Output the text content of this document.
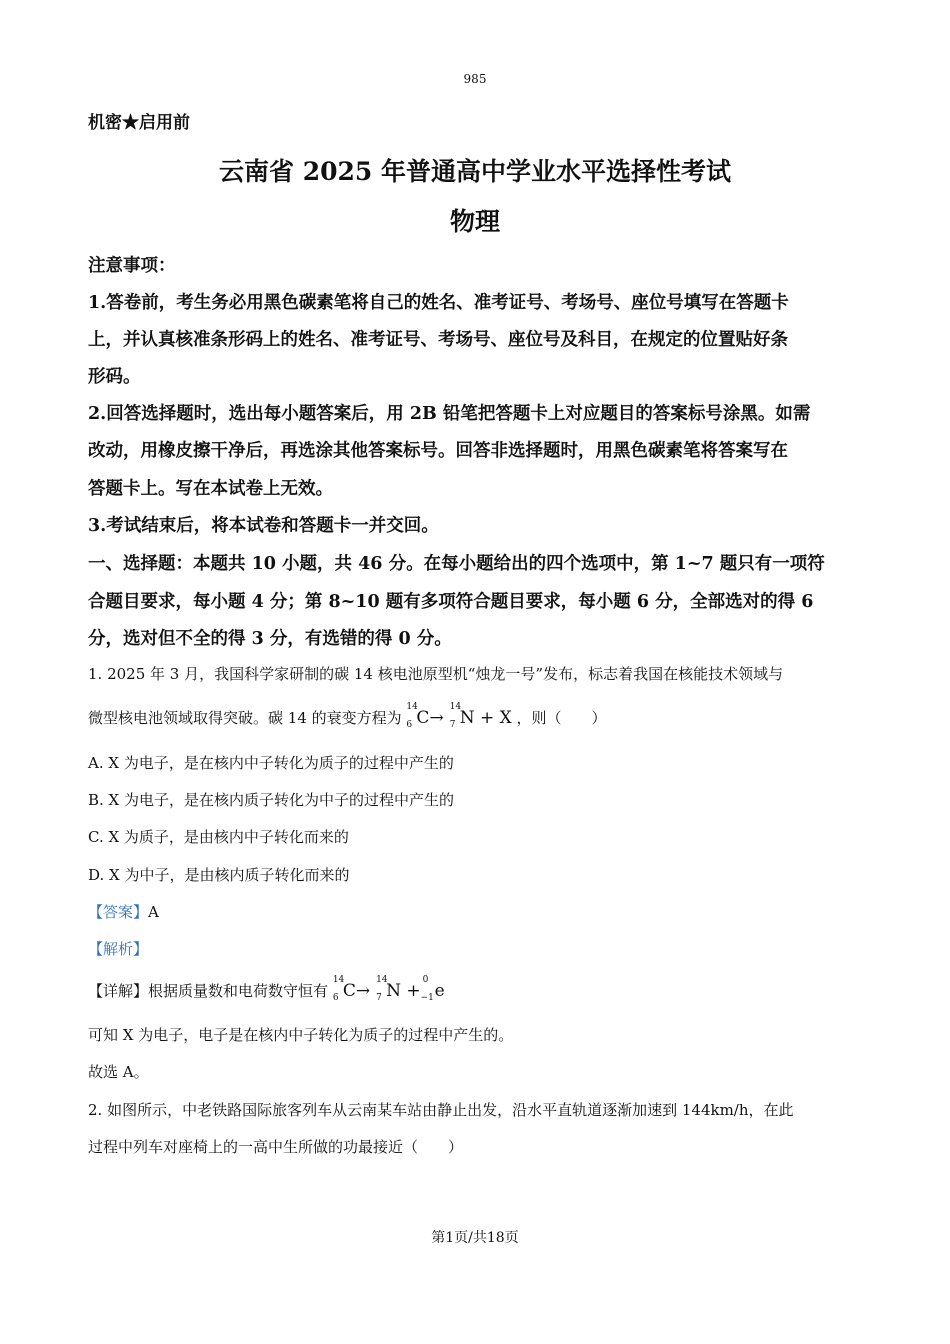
985
机密★启用前
云南省 2025 年普通高中学业水平选择性考试
物理
注意事项：
1.答卷前，考生务必用黑色碳素笔将自己的姓名、准考证号、考场号、座位号填写在答题卡
上，并认真核准条形码上的姓名、准考证号、考场号、座位号及科目，在规定的位置贴好条
形码。
2.回答选择题时，选出每小题答案后，用 2B 铅笔把答题卡上对应题目的答案标号涂黑。如需
改动，用橡皮擦干净后，再选涂其他答案标号。回答非选择题时，用黑色碳素笔将答案写在
答题卡上。写在本试卷上无效。
3.考试结束后，将本试卷和答题卡一并交回。
一、选择题：本题共 10 小题，共 46 分。在每小题给出的四个选项中，第 1~7 题只有一项符
合题目要求，每小题 4 分；第 8~10 题有多项符合题目要求，每小题 6 分，全部选对的得 6
分，选对但不全的得 3 分，有选错的得 0 分。
1. 2025 年 3 月，我国科学家研制的碳 14 核电池原型机“烛龙一号”发布，标志着我国在核能技术领域与
微型核电池领域取得突破。碳 14 的衰变方程为
14
6 C→
14
7 N + X ，则（　　）
A. X 为电子，是在核内中子转化为质子的过程中产生的
B. X 为电子，是在核内质子转化为中子的过程中产生的
C. X 为质子，是由核内中子转化而来的
D. X 为中子，是由核内质子转化而来的
【答案】A
【解析】
【详解】根据质量数和电荷数守恒有
14
6 C→
14
7 N +
0
−1 e
可知 X 为电子，电子是在核内中子转化为质子的过程中产生的。
故选 A。
2. 如图所示，中老铁路国际旅客列车从云南某车站由静止出发，沿水平直轨道逐渐加速到 144km/h，在此
过程中列车对座椅上的一高中生所做的功最接近（　　）
第1页/共18页
